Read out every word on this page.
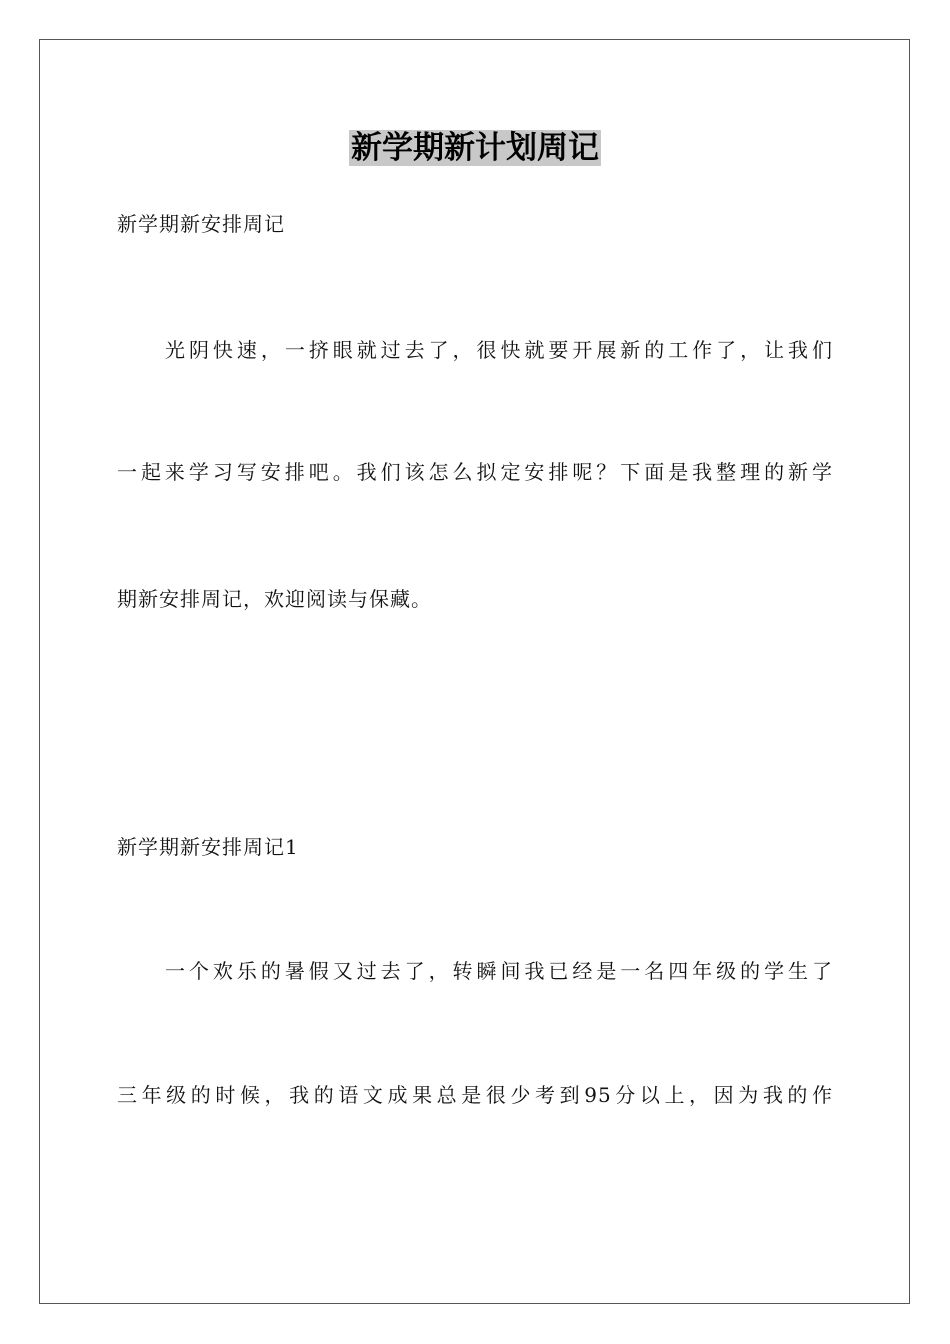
新学期新计划周记
新学期新安排周记
光阴快速，一挤眼就过去了，很快就要开展新的工作了，让我们
一起来学习写安排吧。我们该怎么拟定安排呢？下面是我整理的新学
期新安排周记，欢迎阅读与保藏。
新学期新安排周记1
一个欢乐的暑假又过去了，转瞬间我已经是一名四年级的学生了
三年级的时候，我的语文成果总是很少考到95分以上，因为我的作
